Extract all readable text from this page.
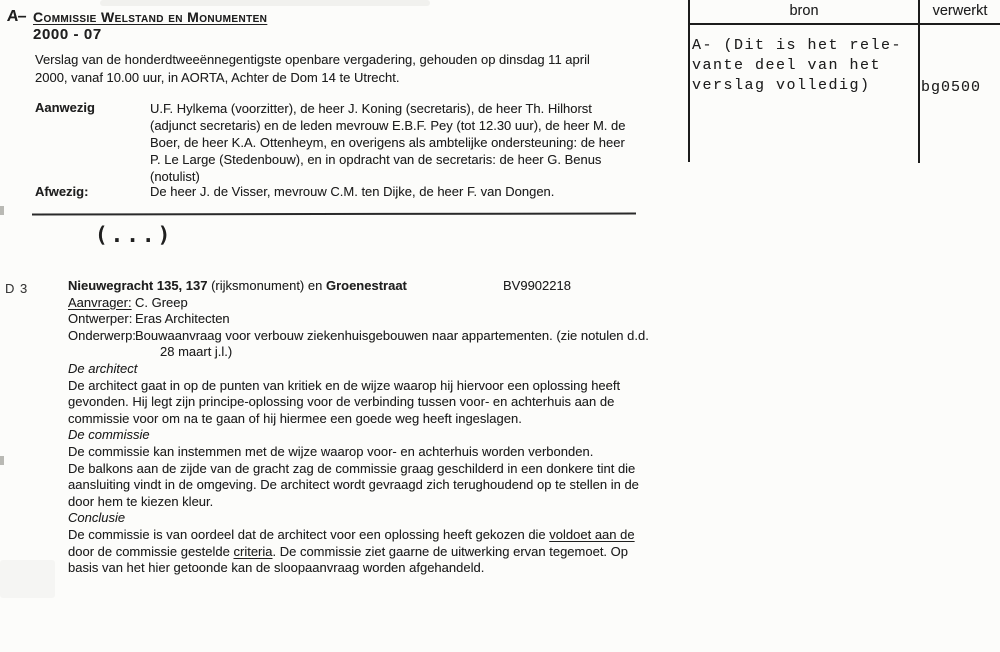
A– Commissie Welstand en Monumenten
2000 - 07
Verslag van de honderdtweeënnegentigste openbare vergadering, gehouden op dinsdag 11 april
2000, vanaf 10.00 uur, in AORTA, Achter de Dom 14 te Utrecht.
Aanwezig	U.F. Hylkema (voorzitter), de heer J. Koning (secretaris), de heer Th. Hilhorst
(adjunct secretaris) en de leden mevrouw E.B.F. Pey (tot 12.30 uur), de heer M. de
Boer, de heer K.A. Ottenheym, en overigens als ambtelijke ondersteuning: de heer
P. Le Large (Stedenbouw), en in opdracht van de secretaris: de heer G. Benus
(notulist)
Afwezig:	De heer J. de Visser, mevrouw C.M. ten Dijke, de heer F. van Dongen.
(...)
D 3	Nieuwegracht 135, 137 (rijksmonument) en Groenestraat	BV9902218
Aanvrager: C. Greep
Ontwerper: Eras Architecten
Onderwerp:Bouwaanvraag voor verbouw ziekenhuisgebouwen naar appartementen. (zie notulen d.d.
28 maart j.l.)
De architect
De architect gaat in op de punten van kritiek en de wijze waarop hij hiervoor een oplossing heeft
gevonden. Hij legt zijn principe-oplossing voor de verbinding tussen voor- en achterhuis aan de
commissie voor om na te gaan of hij hiermee een goede weg heeft ingeslagen.
De commissie
De commissie kan instemmen met de wijze waarop voor- en achterhuis worden verbonden.
De balkons aan de zijde van de gracht zag de commissie graag geschilderd in een donkere tint die
aansluiting vindt in de omgeving. De architect wordt gevraagd zich terughoudend op te stellen in de
door hem te kiezen kleur.
Conclusie
De commissie is van oordeel dat de architect voor een oplossing heeft gekozen die voldoet aan de
door de commissie gestelde criteria. De commissie ziet gaarne de uitwerking ervan tegemoet. Op
basis van het hier getoonde kan de sloopaanvraag worden afgehandeld.
bron	verwerkt
A- (Dit is het rele-
vante deel van het
verslag volledig)	bg0500
